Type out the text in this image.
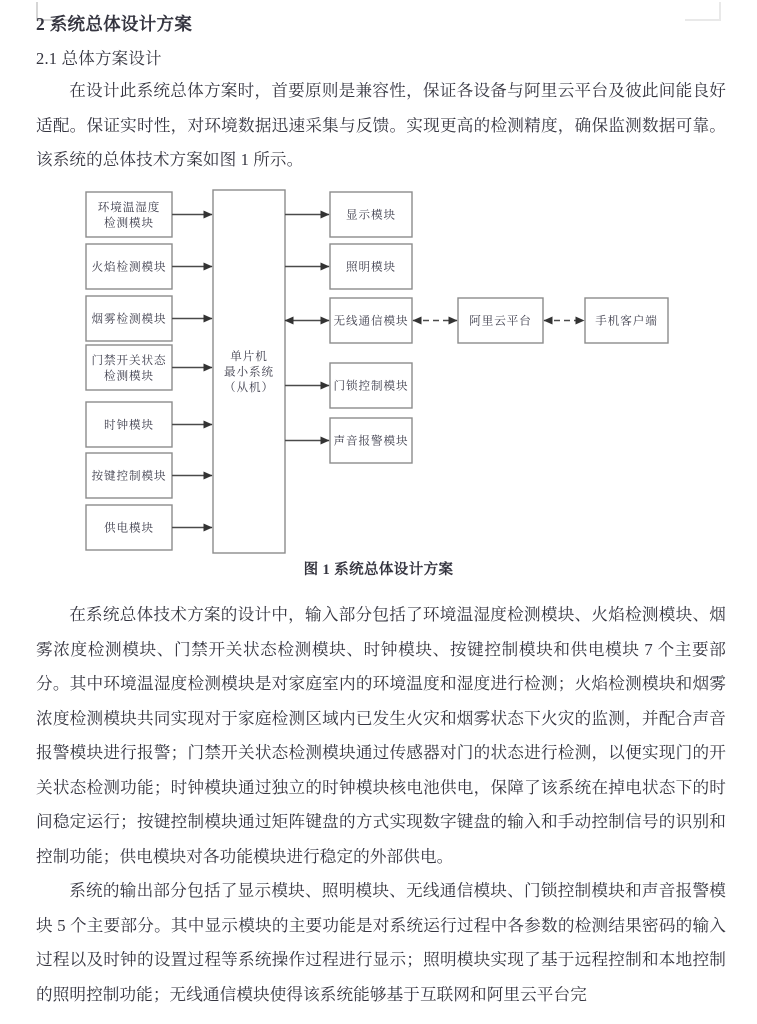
2 系统总体设计方案
2.1 总体方案设计
在设计此系统总体方案时，首要原则是兼容性，保证各设备与阿里云平台及彼此间能良好适配。保证实时性，对环境数据迅速采集与反馈。实现更高的检测精度，确保监测数据可靠。该系统的总体技术方案如图 1 所示。
环境温湿度
检测模块
火焰检测模块
烟雾检测模块
门禁开关状态
检测模块
时钟模块
按键控制模块
供电模块
单片机
最小系统
（从机）
显示模块
照明模块
无线通信模块
门锁控制模块
声音报警模块
阿里云平台	手机客户端
图 1 系统总体设计方案
在系统总体技术方案的设计中，输入部分包括了环境温湿度检测模块、火焰检测模块、烟雾浓度检测模块、门禁开关状态检测模块、时钟模块、按键控制模块和供电模块 7 个主要部分。其中环境温湿度检测模块是对家庭室内的环境温度和湿度进行检测；火焰检测模块和烟雾浓度检测模块共同实现对于家庭检测区域内已发生火灾和烟雾状态下火灾的监测，并配合声音报警模块进行报警；门禁开关状态检测模块通过传感器对门的状态进行检测，以便实现门的开关状态检测功能；时钟模块通过独立的时钟模块核电池供电，保障了该系统在掉电状态下的时间稳定运行；按键控制模块通过矩阵键盘的方式实现数字键盘的输入和手动控制信号的识别和控制功能；供电模块对各功能模块进行稳定的外部供电。
系统的输出部分包括了显示模块、照明模块、无线通信模块、门锁控制模块和声音报警模块 5 个主要部分。其中显示模块的主要功能是对系统运行过程中各参数的检测结果密码的输入过程以及时钟的设置过程等系统操作过程进行显示；照明模块实现了基于远程控制和本地控制的照明控制功能；无线通信模块使得该系统能够基于互联网和阿里云平台完
